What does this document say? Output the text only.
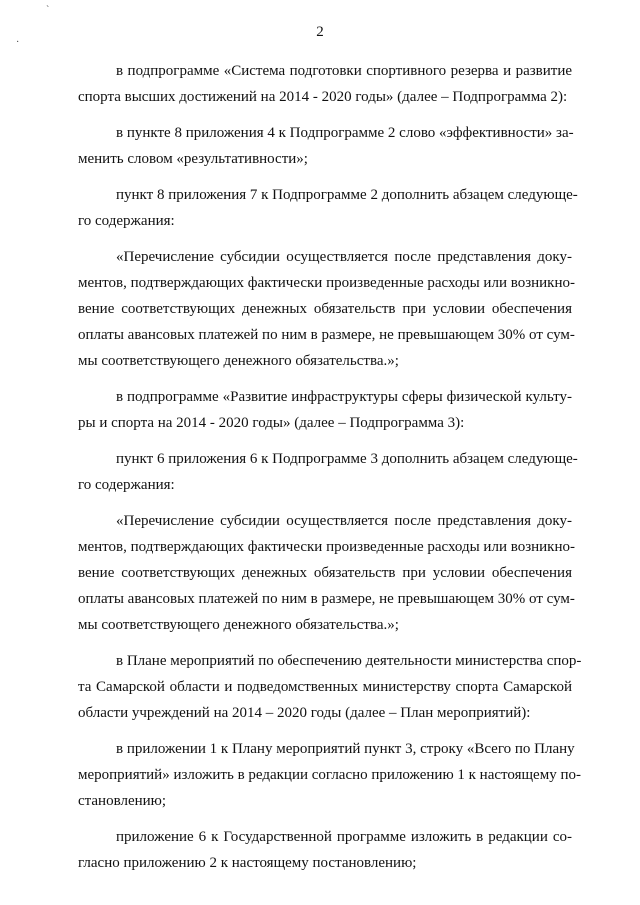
`
·
2
в подпрограмме «Система подготовки спортивного резерва и развитие
спорта высших достижений на 2014 - 2020 годы» (далее – Подпрограмма 2):
в пункте 8 приложения 4 к Подпрограмме 2 слово «эффективности» за-
менить словом «результативности»;
пункт 8 приложения 7 к Подпрограмме 2 дополнить абзацем следующе-
го содержания:
«Перечисление субсидии осуществляется после представления доку-
ментов, подтверждающих фактически произведенные расходы или возникно-
вение соответствующих денежных обязательств при условии обеспечения
оплаты авансовых платежей по ним в размере, не превышающем 30% от сум-
мы соответствующего денежного обязательства.»;
в подпрограмме «Развитие инфраструктуры сферы физической культу-
ры и спорта на 2014 - 2020 годы» (далее – Подпрограмма 3):
пункт 6 приложения 6 к Подпрограмме 3 дополнить абзацем следующе-
го содержания:
«Перечисление субсидии осуществляется после представления доку-
ментов, подтверждающих фактически произведенные расходы или возникно-
вение соответствующих денежных обязательств при условии обеспечения
оплаты авансовых платежей по ним в размере, не превышающем 30% от сум-
мы соответствующего денежного обязательства.»;
в Плане мероприятий по обеспечению деятельности министерства спор-
та Самарской области и подведомственных министерству спорта Самарской
области учреждений на 2014 – 2020 годы (далее – План мероприятий):
в приложении 1 к Плану мероприятий пункт 3, строку «Всего по Плану
мероприятий» изложить в редакции согласно приложению 1 к настоящему по-
становлению;
приложение 6 к Государственной программе изложить в редакции со-
гласно приложению 2 к настоящему постановлению;
